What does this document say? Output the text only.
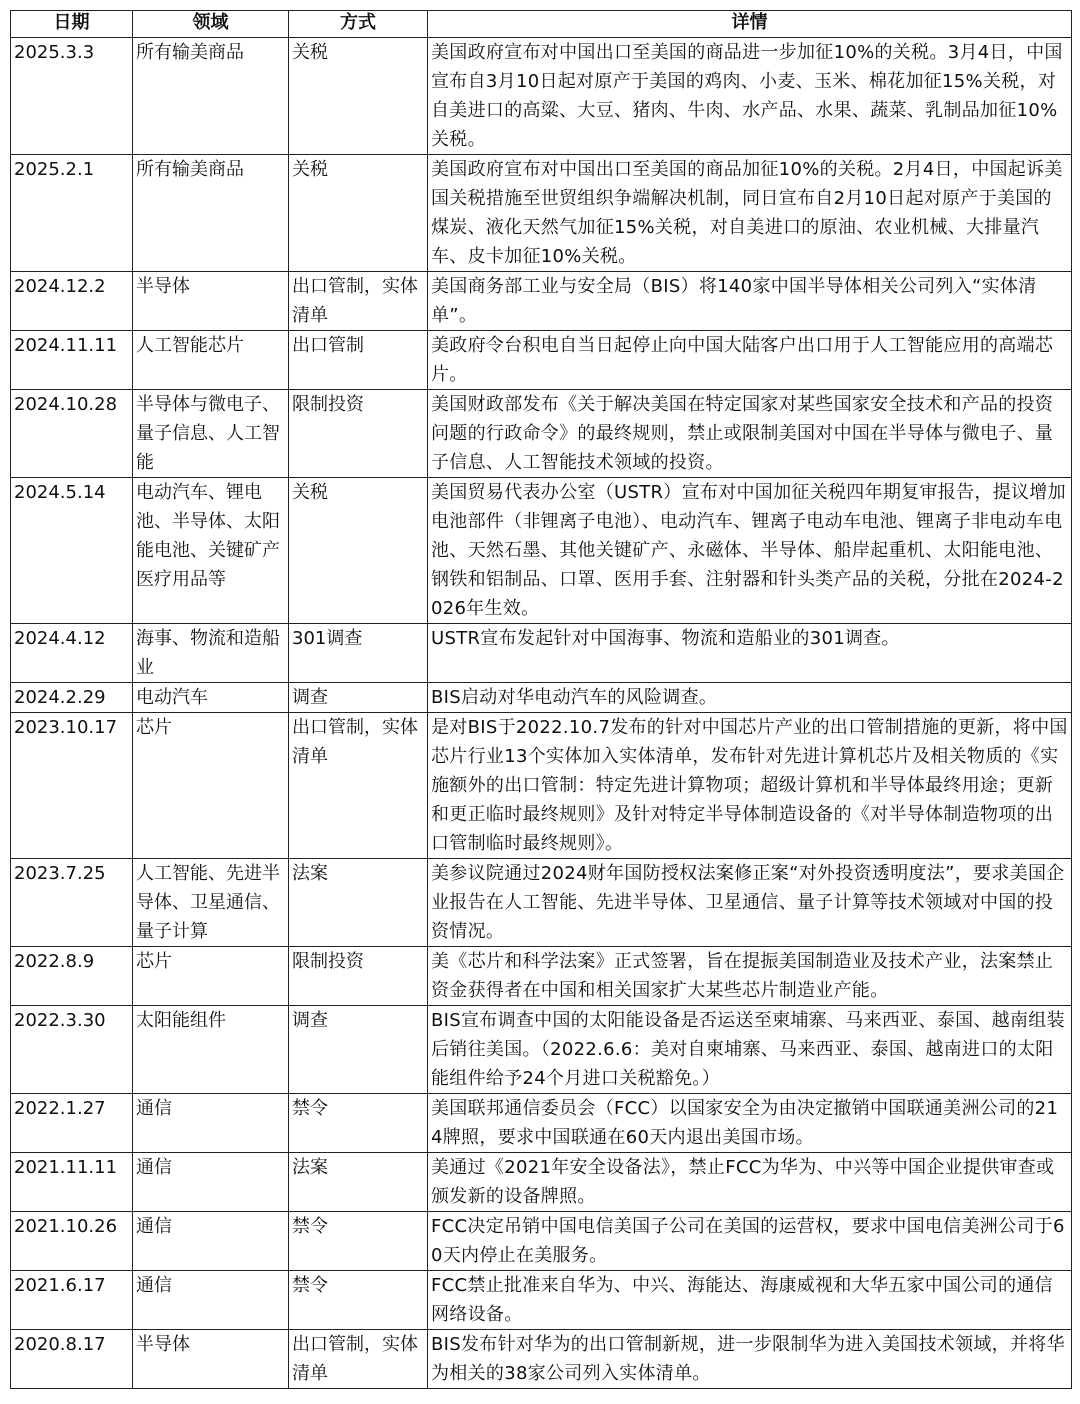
日期	领域	方式	详情
2025.3.3	所有输美商品	关税	美国政府宣布对中国出口至美国的商品进一步加征10%的关税。3月4日，中国宣布自3月10日起对原产于美国的鸡肉、小麦、玉米、棉花加征15%关税，对自美进口的高粱、大豆、猪肉、牛肉、水产品、水果、蔬菜、乳制品加征10%关税。
2025.2.1	所有输美商品	关税	美国政府宣布对中国出口至美国的商品加征10%的关税。2月4日，中国起诉美国关税措施至世贸组织争端解决机制，同日宣布自2月10日起对原产于美国的煤炭、液化天然气加征15%关税，对自美进口的原油、农业机械、大排量汽车、皮卡加征10%关税。
2024.12.2	半导体	出口管制，实体清单	美国商务部工业与安全局（BIS）将140家中国半导体相关公司列入“实体清单”。
2024.11.11	人工智能芯片	出口管制	美政府令台积电自当日起停止向中国大陆客户出口用于人工智能应用的高端芯片。
2024.10.28	半导体与微电子、量子信息、人工智能	限制投资	美国财政部发布《关于解决美国在特定国家对某些国家安全技术和产品的投资问题的行政命令》的最终规则，禁止或限制美国对中国在半导体与微电子、量子信息、人工智能技术领域的投资。
2024.5.14	电动汽车、锂电池、半导体、太阳能电池、关键矿产医疗用品等	关税	美国贸易代表办公室（USTR）宣布对中国加征关税四年期复审报告，提议增加电池部件（非锂离子电池）、电动汽车、锂离子电动车电池、锂离子非电动车电池、天然石墨、其他关键矿产、永磁体、半导体、船岸起重机、太阳能电池、钢铁和铝制品、口罩、医用手套、注射器和针头类产品的关税，分批在2024-2026年生效。
2024.4.12	海事、物流和造船业	301调查	USTR宣布发起针对中国海事、物流和造船业的301调查。
2024.2.29	电动汽车	调查	BIS启动对华电动汽车的风险调查。
2023.10.17	芯片	出口管制，实体清单	是对BIS于2022.10.7发布的针对中国芯片产业的出口管制措施的更新，将中国芯片行业13个实体加入实体清单，发布针对先进计算机芯片及相关物质的《实施额外的出口管制：特定先进计算物项；超级计算机和半导体最终用途；更新和更正临时最终规则》及针对特定半导体制造设备的《对半导体制造物项的出口管制临时最终规则》。
2023.7.25	人工智能、先进半导体、卫星通信、量子计算	法案	美参议院通过2024财年国防授权法案修正案“对外投资透明度法”，要求美国企业报告在人工智能、先进半导体、卫星通信、量子计算等技术领域对中国的投资情况。
2022.8.9	芯片	限制投资	美《芯片和科学法案》正式签署，旨在提振美国制造业及技术产业，法案禁止资金获得者在中国和相关国家扩大某些芯片制造业产能。
2022.3.30	太阳能组件	调查	BIS宣布调查中国的太阳能设备是否运送至柬埔寨、马来西亚、泰国、越南组装后销往美国。（2022.6.6：美对自柬埔寨、马来西亚、泰国、越南进口的太阳能组件给予24个月进口关税豁免。）
2022.1.27	通信	禁令	美国联邦通信委员会（FCC）以国家安全为由决定撤销中国联通美洲公司的214牌照，要求中国联通在60天内退出美国市场。
2021.11.11	通信	法案	美通过《2021年安全设备法》，禁止FCC为华为、中兴等中国企业提供审查或颁发新的设备牌照。
2021.10.26	通信	禁令	FCC决定吊销中国电信美国子公司在美国的运营权，要求中国电信美洲公司于60天内停止在美服务。
2021.6.17	通信	禁令	FCC禁止批准来自华为、中兴、海能达、海康威视和大华五家中国公司的通信网络设备。
2020.8.17	半导体	出口管制，实体清单	BIS发布针对华为的出口管制新规，进一步限制华为进入美国技术领域，并将华为相关的38家公司列入实体清单。
